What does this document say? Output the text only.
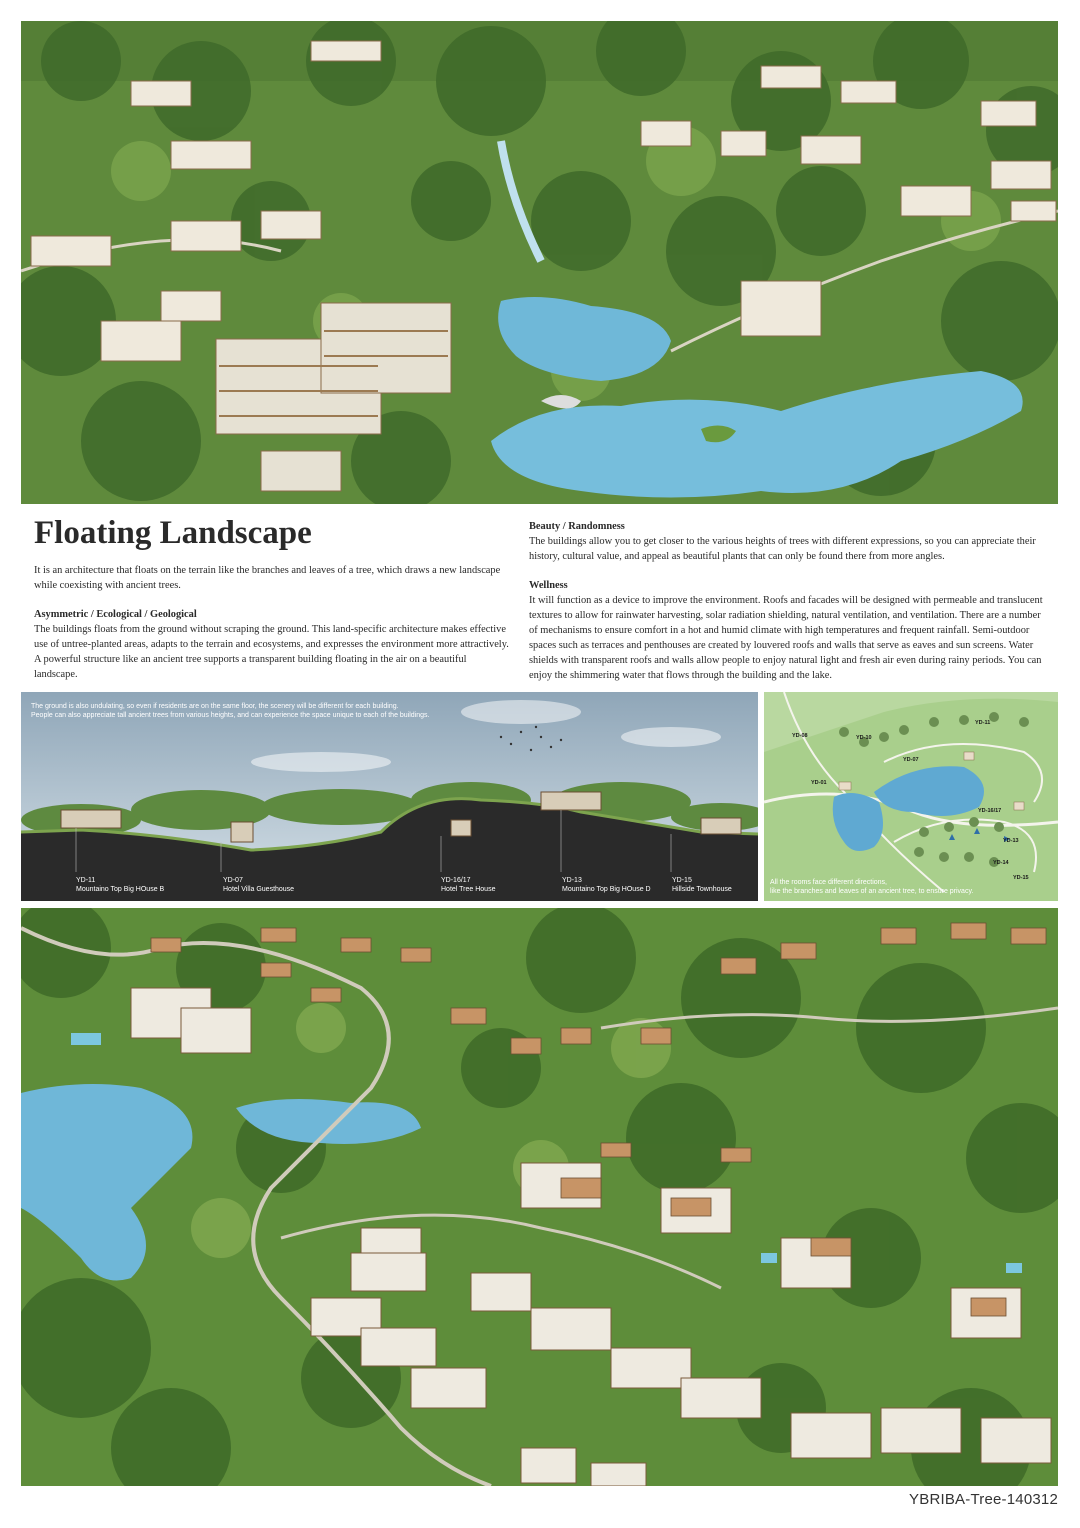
Floating Landscape

It is an architecture that floats on the terrain like the branches and leaves of a tree, which draws a new landscape while coexisting with ancient trees.

Asymmetric / Ecological / Geological

The buildings floats from the ground without scraping the ground. This land-specific architecture makes effective use of untree-planted areas, adapts to the terrain and ecosystems, and expresses the environment more attractively. A powerful structure like an ancient tree supports a transparent building floating in the air on a beautiful landscape.

Beauty / Randomness

The buildings allow you to get closer to the various heights of trees with different expressions, so you can appreciate their history, cultural value, and appeal as beautiful plants that can only be found there from more angles.

Wellness

It will function as a device to improve the environment. Roofs and facades will be designed with permeable and translucent textures to allow for rainwater harvesting, solar radiation shielding, natural ventilation, and ventilation. There are a number of mechanisms to ensure comfort in a hot and humid climate with high temperatures and frequent rainfall. Semi-outdoor spaces such as terraces and penthouses are created by louvered roofs and walls that serve as eaves and sun screens. Water shields with transparent roofs and walls allow people to enjoy natural light and fresh air even during rainy periods. You can enjoy the shimmering water that flows through the building and the lake.

The ground is also undulating, so even if residents are on the same floor, the scenery will be different for each building.
People can also appreciate tall ancient trees from various heights, and can experience the space unique to each of the buildings.
YD-11
Mountaino Top Big HOuse B
YD-07
Hotel Villa Guesthouse
YD-16/17
Hotel Tree House
YD-13
Mountaino Top Big HOuse D
YD-15
Hillside Townhouse
YD-08	YD-10
YD-11
YD-07
YD-01
YD-16/17
YD-13
YD-14
YD-15
All the rooms face different directions,
like the branches and leaves of an ancient tree, to ensure privacy.
YBRIBA-Tree-140312
